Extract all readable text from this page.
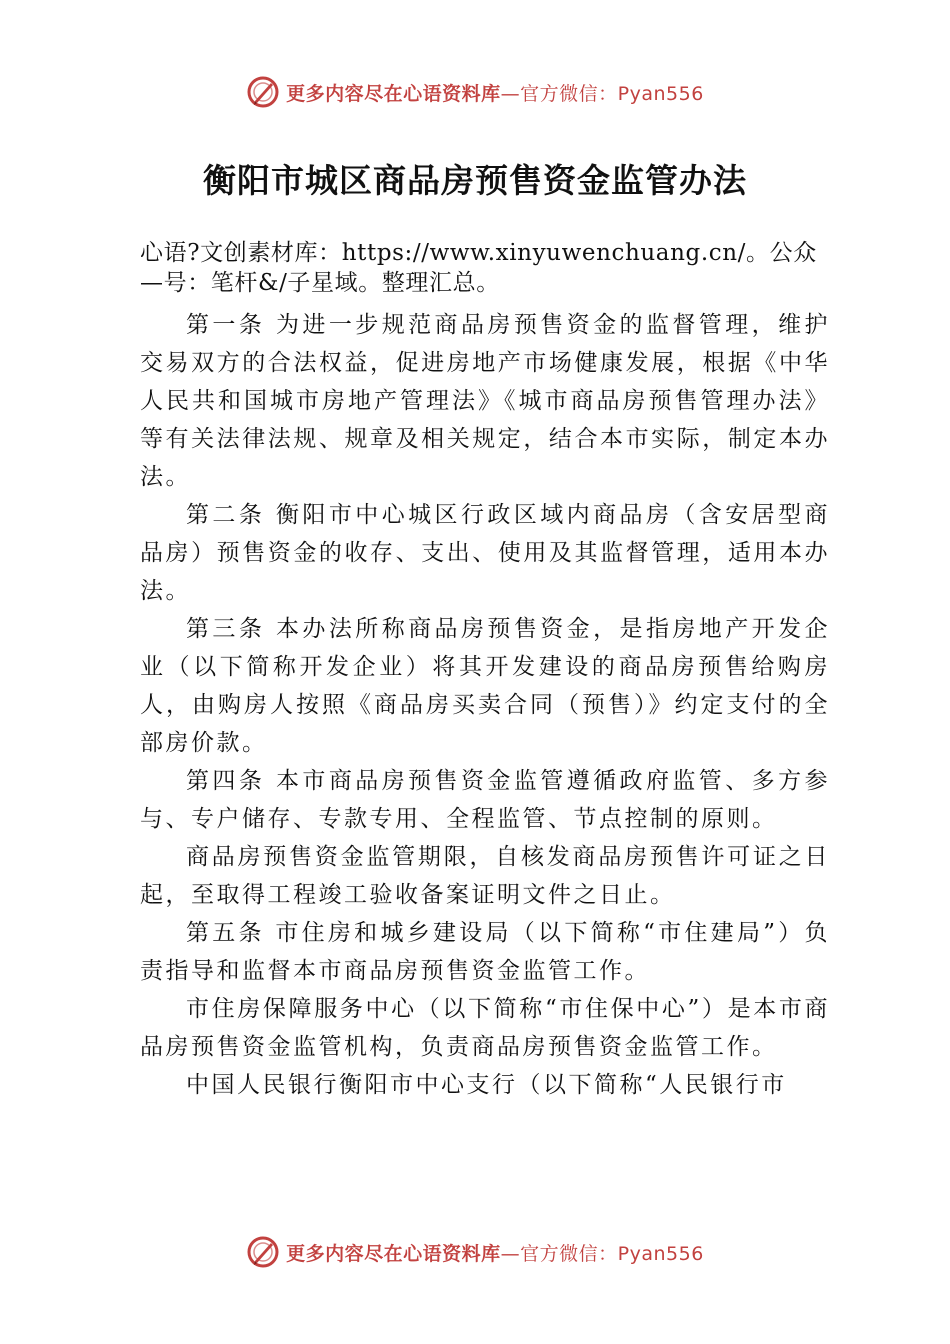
更多内容尽在心语资料库—官方微信：Pyan556
衡阳市城区商品房预售资金监管办法

心语?文创素材库：https://www.xinyuwenchuang.cn/。公众—号：笔杆&/子星域。整理汇总。

第一条 为进一步规范商品房预售资金的监督管理，维护交易双方的合法权益，促进房地产市场健康发展，根据《中华人民共和国城市房地产管理法》《城市商品房预售管理办法》等有关法律法规、规章及相关规定，结合本市实际，制定本办法。

第二条 衡阳市中心城区行政区域内商品房（含安居型商品房）预售资金的收存、支出、使用及其监督管理，适用本办法。

第三条 本办法所称商品房预售资金，是指房地产开发企业（以下简称开发企业）将其开发建设的商品房预售给购房人，由购房人按照《商品房买卖合同（预售）》约定支付的全部房价款。

第四条 本市商品房预售资金监管遵循政府监管、多方参与、专户储存、专款专用、全程监管、节点控制的原则。

商品房预售资金监管期限，自核发商品房预售许可证之日起，至取得工程竣工验收备案证明文件之日止。

第五条 市住房和城乡建设局（以下简称“市住建局”）负责指导和监督本市商品房预售资金监管工作。

市住房保障服务中心（以下简称“市住保中心”）是本市商品房预售资金监管机构，负责商品房预售资金监管工作。

中国人民银行衡阳市中心支行（以下简称“人民银行市

更多内容尽在心语资料库—官方微信：Pyan556
